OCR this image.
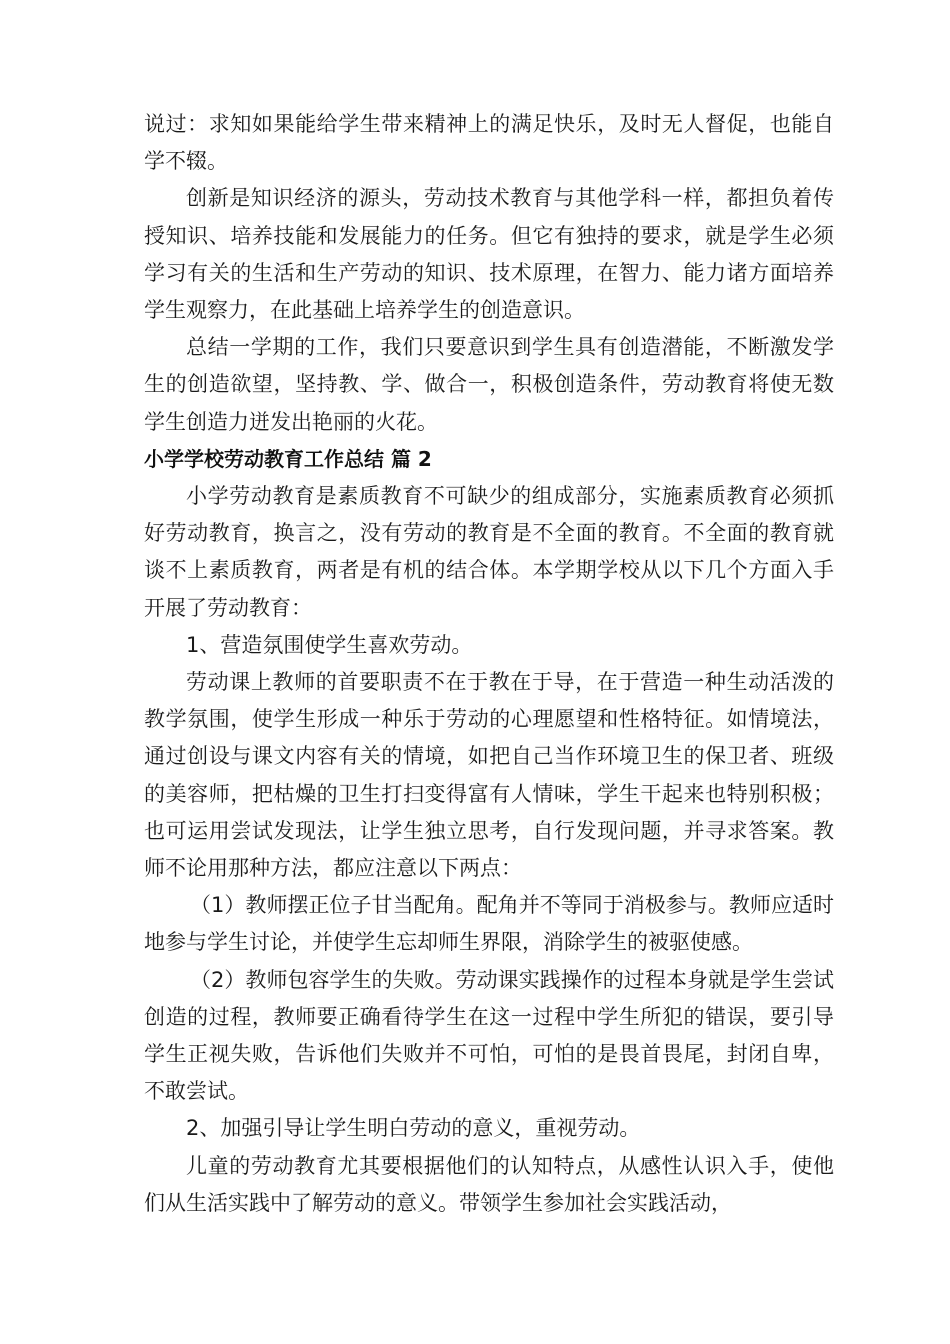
说过：求知如果能给学生带来精神上的满足快乐，及时无人督促，也能自学不辍。

创新是知识经济的源头，劳动技术教育与其他学科一样，都担负着传授知识、培养技能和发展能力的任务。但它有独持的要求，就是学生必须学习有关的生活和生产劳动的知识、技术原理，在智力、能力诸方面培养学生观察力，在此基础上培养学生的创造意识。

总结一学期的工作，我们只要意识到学生具有创造潜能，不断激发学生的创造欲望，坚持教、学、做合一，积极创造条件，劳动教育将使无数学生创造力迸发出艳丽的火花。

小学学校劳动教育工作总结 篇 2

小学劳动教育是素质教育不可缺少的组成部分，实施素质教育必须抓好劳动教育，换言之，没有劳动的教育是不全面的教育。不全面的教育就谈不上素质教育，两者是有机的结合体。本学期学校从以下几个方面入手开展了劳动教育：

1、营造氛围使学生喜欢劳动。

劳动课上教师的首要职责不在于教在于导，在于营造一种生动活泼的教学氛围，使学生形成一种乐于劳动的心理愿望和性格特征。如情境法，通过创设与课文内容有关的情境，如把自己当作环境卫生的保卫者、班级的美容师，把枯燥的卫生打扫变得富有人情味，学生干起来也特别积极；也可运用尝试发现法，让学生独立思考，自行发现问题，并寻求答案。教师不论用那种方法，都应注意以下两点：

（1）教师摆正位子甘当配角。配角并不等同于消极参与。教师应适时地参与学生讨论，并使学生忘却师生界限，消除学生的被驱使感。

（2）教师包容学生的失败。劳动课实践操作的过程本身就是学生尝试创造的过程，教师要正确看待学生在这一过程中学生所犯的错误，要引导学生正视失败，告诉他们失败并不可怕，可怕的是畏首畏尾，封闭自卑，不敢尝试。

2、加强引导让学生明白劳动的意义，重视劳动。

儿童的劳动教育尤其要根据他们的认知特点，从感性认识入手，使他们从生活实践中了解劳动的意义。带领学生参加社会实践活动，
